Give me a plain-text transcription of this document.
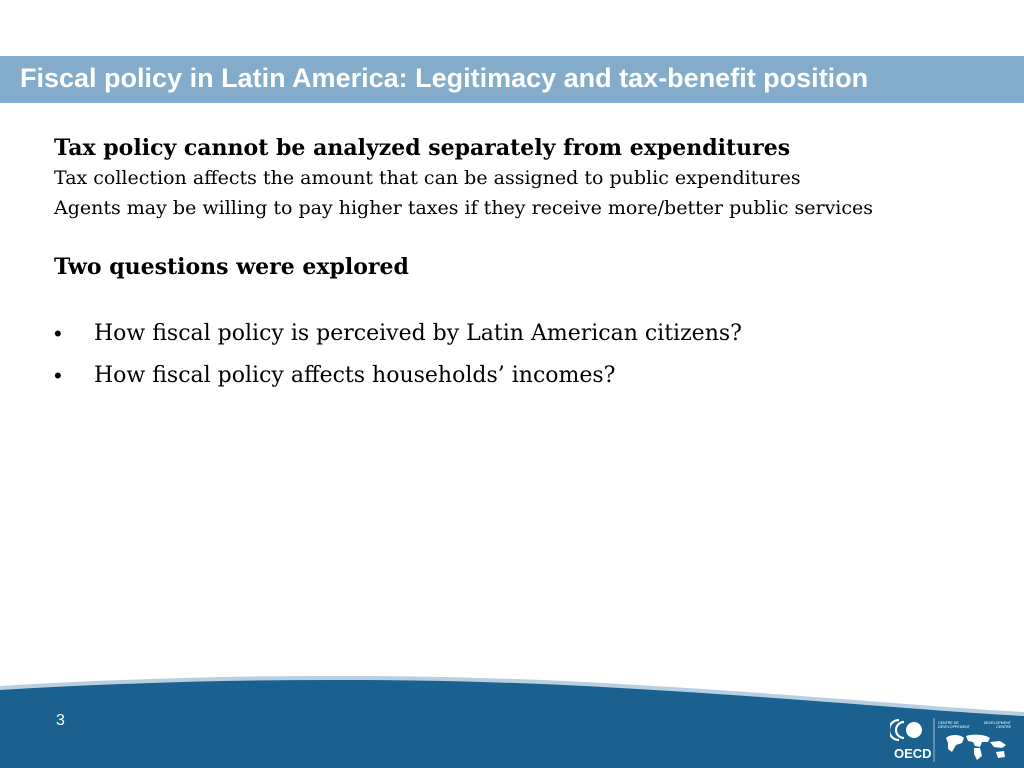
Fiscal policy in Latin America: Legitimacy and tax-benefit position

Tax policy cannot be analyzed separately from expenditures

Tax collection affects the amount that can be assigned to public expenditures

Agents may be willing to pay higher taxes if they receive more/better public services

Two questions were explored

• How fiscal policy is perceived by Latin American citizens?
• How fiscal policy affects households’ incomes?
3
OECD
CENTRE DE
DÉVELOPPEMENT
DEVELOPMENT
CENTRE
